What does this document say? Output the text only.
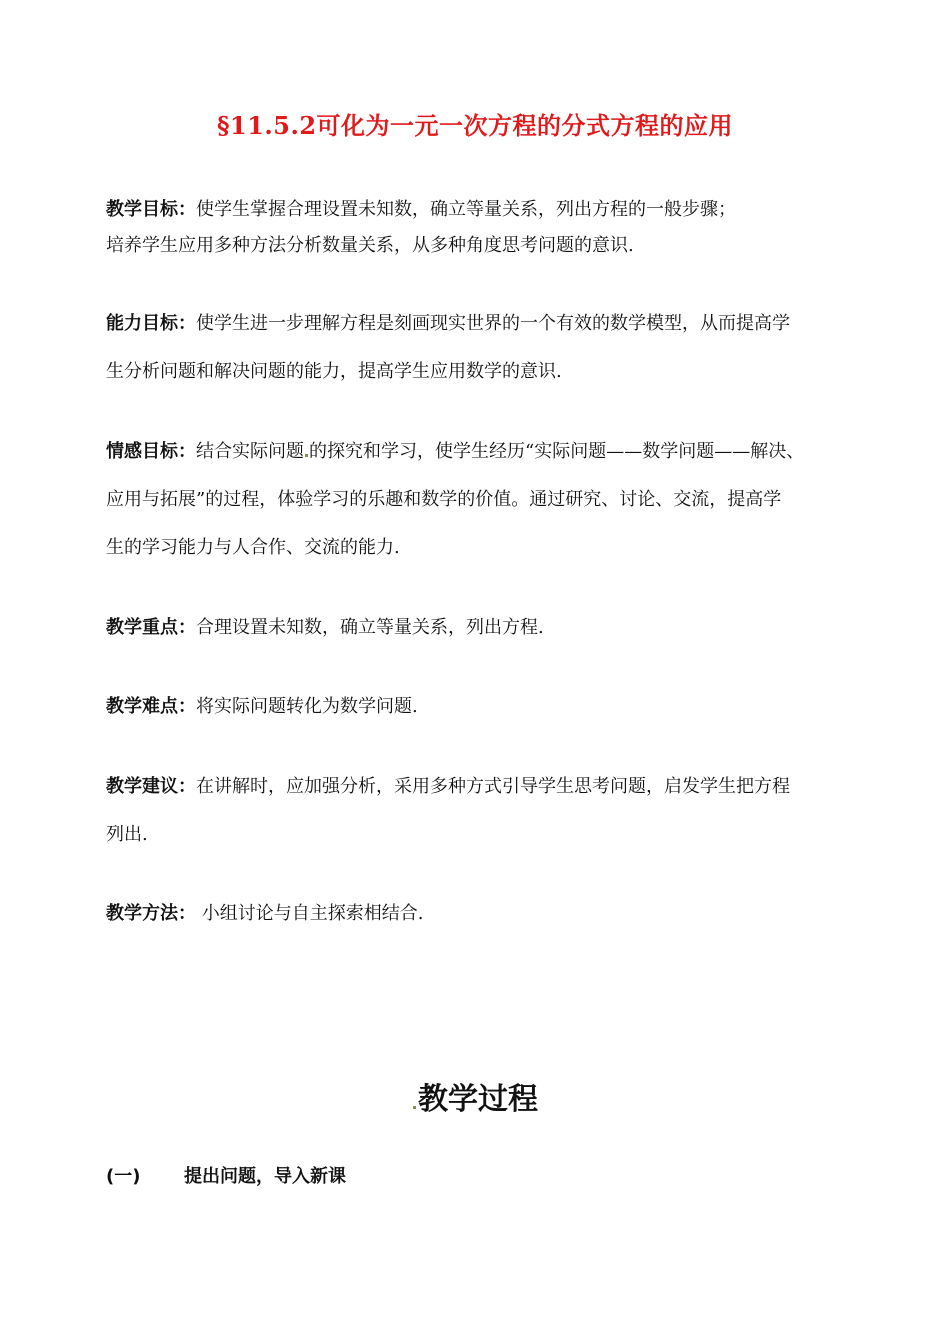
§11.5.2可化为一元一次方程的分式方程的应用
教学目标：使学生掌握合理设置未知数，确立等量关系，列出方程的一般步骤；
培养学生应用多种方法分析数量关系，从多种角度思考问题的意识.
能力目标：使学生进一步理解方程是刻画现实世界的一个有效的数学模型，从而提高学
生分析问题和解决问题的能力，提高学生应用数学的意识.
情感目标：结合实际问题 的探究和学习，使学生经历“实际问题——数学问题——解决、
应用与拓展”的过程，体验学习的乐趣和数学的价值。通过研究、讨论、交流，提高学
生的学习能力与人合作、交流的能力.
教学重点：合理设置未知数，确立等量关系，列出方程.
教学难点：将实际问题转化为数学问题.
教学建议：在讲解时，应加强分析，采用多种方式引导学生思考问题，启发学生把方程
列出.
教学方法： 小组讨论与自主探索相结合.
教学过程
(一) 提出问题，导入新课
